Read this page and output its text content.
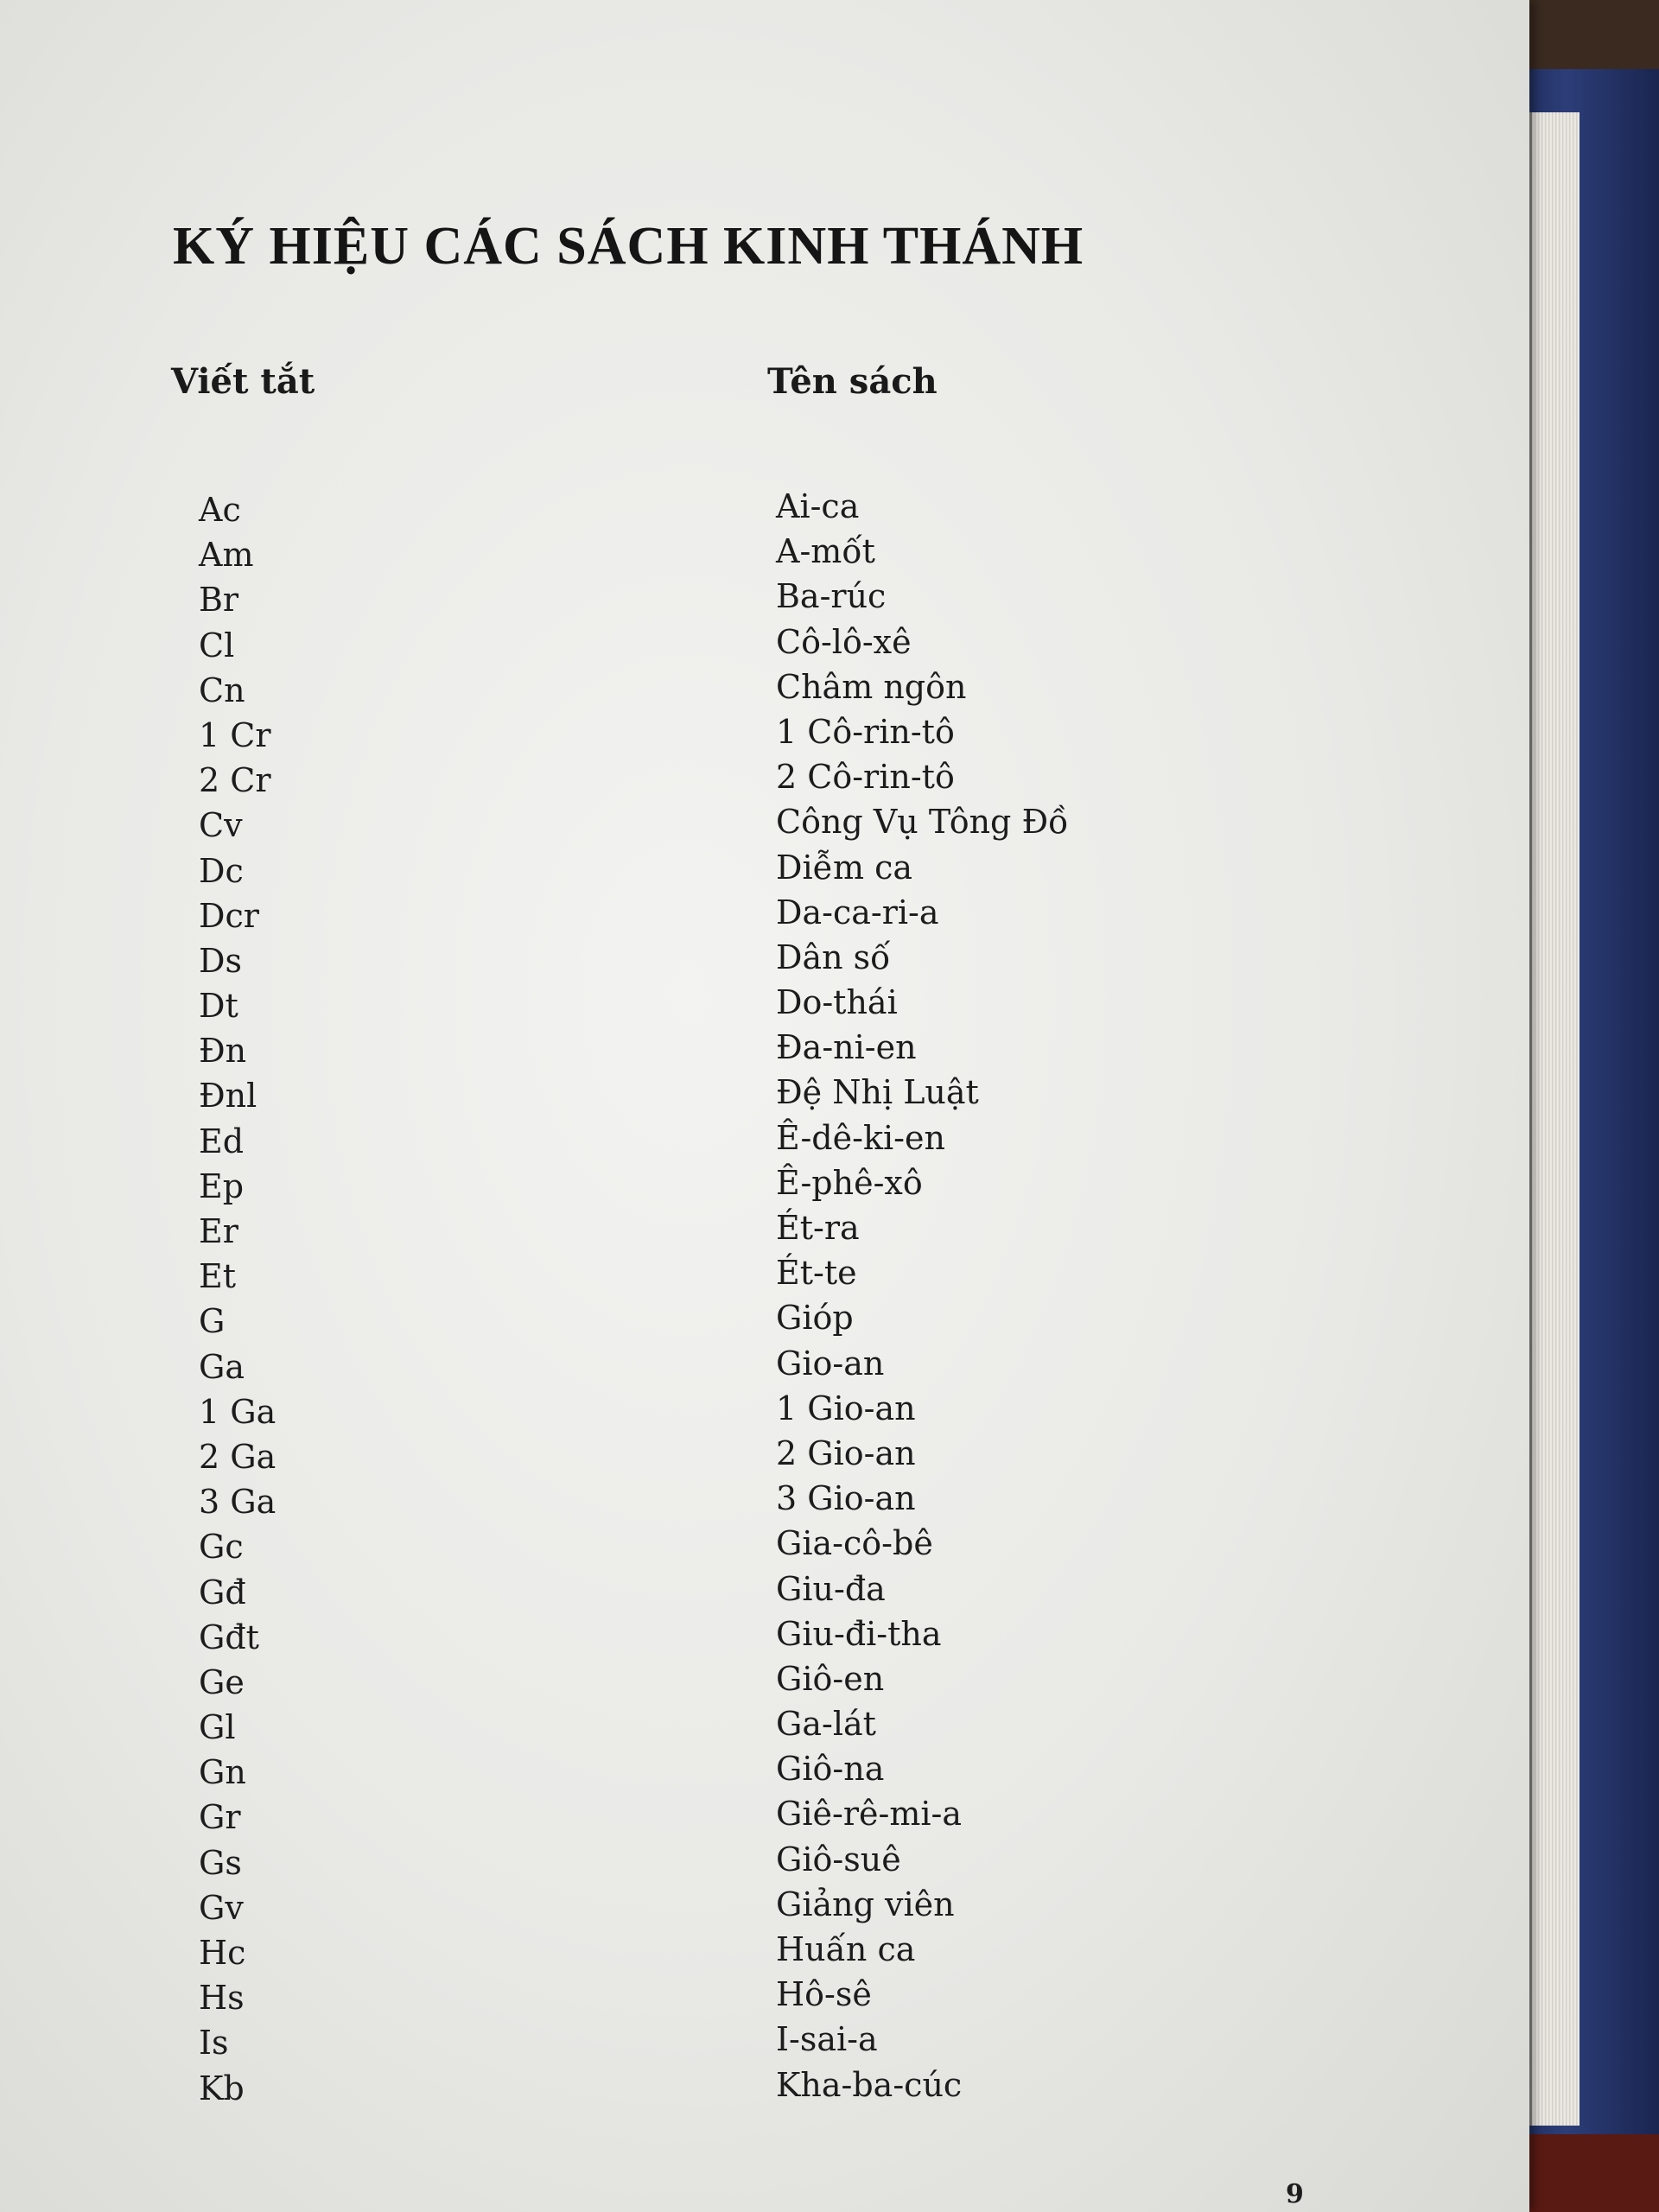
KÝ HIỆU CÁC SÁCH KINH THÁNH
Viết tắt	Tên sách
Ac
Am
Br
Cl
Cn
1 Cr
2 Cr
Cv
Dc
Dcr
Ds
Dt
Đn
Đnl
Ed
Ep
Er
Et
G
Ga
1 Ga
2 Ga
3 Ga
Gc
Gđ
Gđt
Ge
Gl
Gn
Gr
Gs
Gv
Hc
Hs
Is
Kb
Ai-ca
A-mốt
Ba-rúc
Cô-lô-xê
Châm ngôn
1 Cô-rin-tô
2 Cô-rin-tô
Công Vụ Tông Đồ
Diễm ca
Da-ca-ri-a
Dân số
Do-thái
Đa-ni-en
Đệ Nhị Luật
Ê-dê-ki-en
Ê-phê-xô
Ét-ra
Ét-te
Gióp
Gio-an
1 Gio-an
2 Gio-an
3 Gio-an
Gia-cô-bê
Giu-đa
Giu-đi-tha
Giô-en
Ga-lát
Giô-na
Giê-rê-mi-a
Giô-suê
Giảng viên
Huấn ca
Hô-sê
I-sai-a
Kha-ba-cúc
9
